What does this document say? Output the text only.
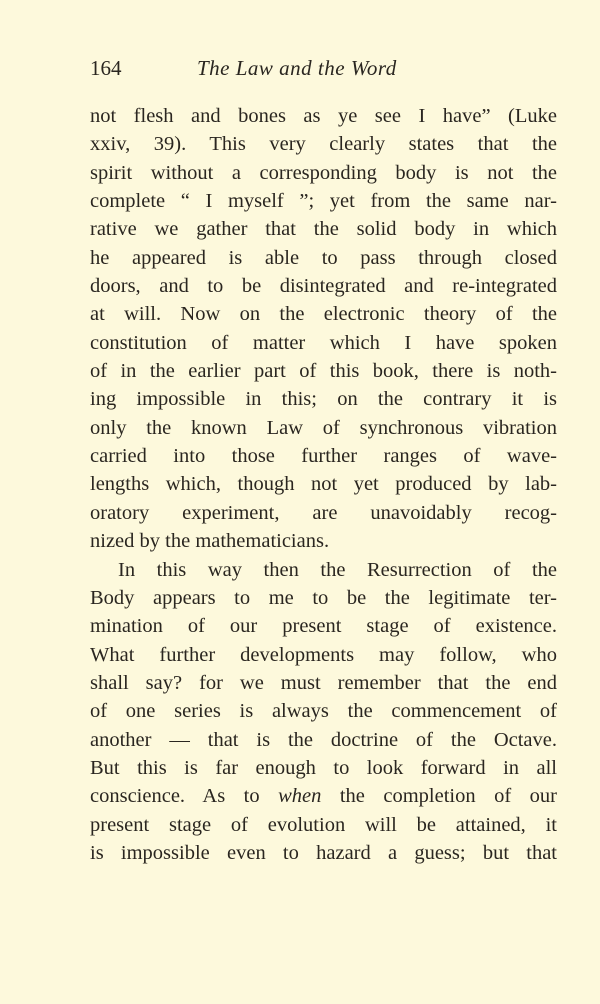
164	The Law and the Word
not flesh and bones as ye see I have” (Luke
xxiv, 39). This very clearly states that the
spirit without a corresponding body is not the
complete “ I myself ”; yet from the same nar-
rative we gather that the solid body in which
he appeared is able to pass through closed
doors, and to be disintegrated and re-integrated
at will. Now on the electronic theory of the
constitution of matter which I have spoken
of in the earlier part of this book, there is noth-
ing impossible in this; on the contrary it is
only the known Law of synchronous vibration
carried into those further ranges of wave-
lengths which, though not yet produced by lab-
oratory experiment, are unavoidably recog-
nized by the mathematicians.
In this way then the Resurrection of the
Body appears to me to be the legitimate ter-
mination of our present stage of existence.
What further developments may follow, who
shall say? for we must remember that the end
of one series is always the commencement of
another — that is the doctrine of the Octave.
But this is far enough to look forward in all
conscience. As to when the completion of our
present stage of evolution will be attained, it
is impossible even to hazard a guess; but that
